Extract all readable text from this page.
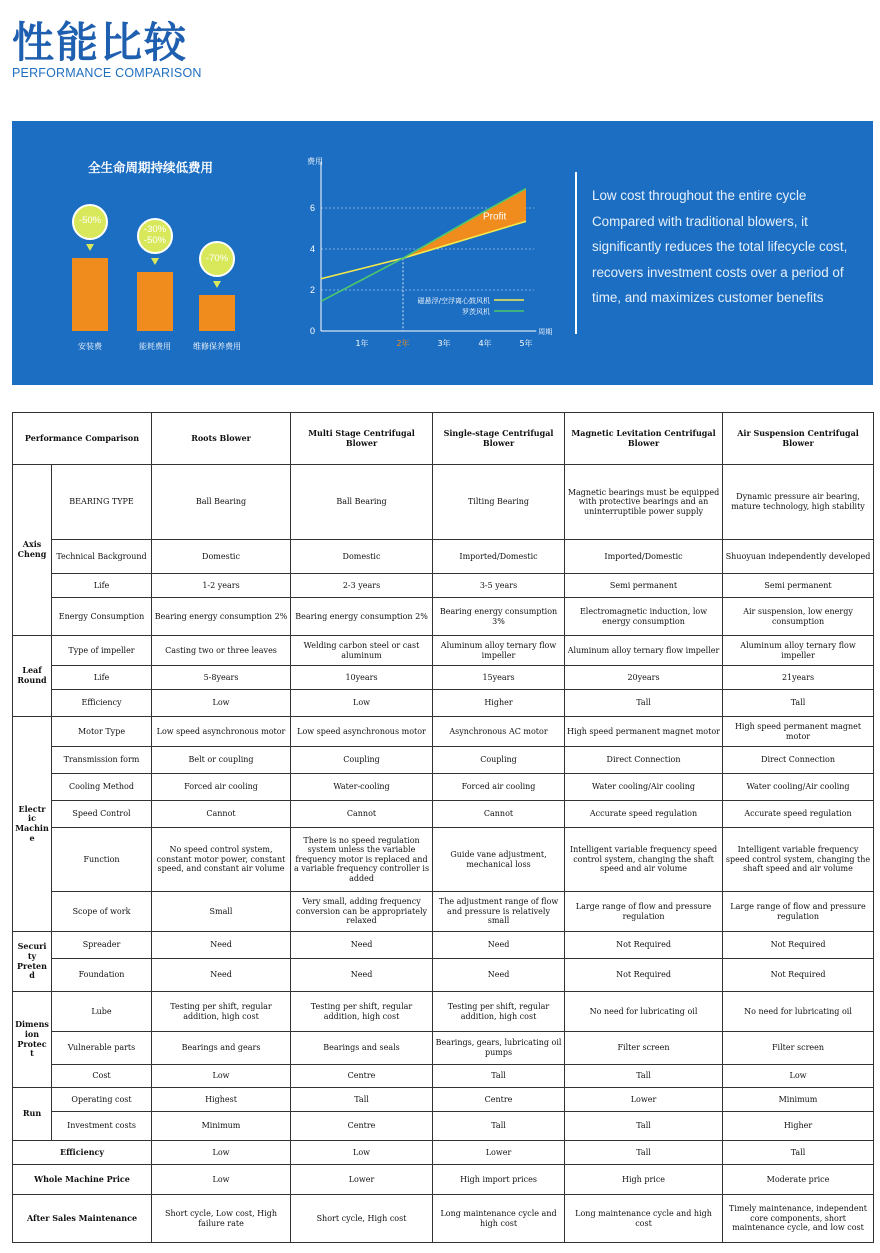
性能比较
PERFORMANCE COMPARISON
全生命周期持续低费用
-50%
安装费
-30%
-50%
能耗费用
-70%
维修保养费用
0
2
4
6
费用
周期
1年	2年	3年	4年	5年
Profit
磁悬浮/空浮离心鼓风机
罗茨风机
Low cost throughout the entire cycle Compared with traditional blowers, it significantly reduces the total lifecycle cost, recovers investment costs over a period of time, and maximizes customer benefits
Performance Comparison		Roots Blower	Multi Stage Centrifugal Blower	Single-stage Centrifugal Blower	Magnetic Levitation Centrifugal Blower	Air Suspension Centrifugal Blower
Axis
Cheng	BEARING TYPE	Ball Bearing	Ball Bearing	Tilting Bearing	Magnetic bearings must be equipped with protective bearings and an uninterruptible power supply	Dynamic pressure air bearing, mature technology, high stability
	Technical Background	Domestic	Domestic	Imported/Domestic	Imported/Domestic	Shuoyuan independently developed
	Life	1-2 years	2-3 years	3-5 years	Semi permanent	Semi permanent
	Energy Consumption	Bearing energy consumption 2%	Bearing energy consumption 2%	Bearing energy consumption 3%	Electromagnetic induction, low energy consumption	Air suspension, low energy consumption
Leaf
Round	Type of impeller	Casting two or three leaves	Welding carbon steel or cast aluminum	Aluminum alloy ternary flow impeller	Aluminum alloy ternary flow impeller	Aluminum alloy ternary flow impeller
	Life	5-8years	10years	15years	20years	21years
	Efficiency	Low	Low	Higher	Tall	Tall
Electr
ic
Machin
e	Motor Type	Low speed asynchronous motor	Low speed asynchronous motor	Asynchronous AC motor	High speed permanent magnet motor	High speed permanent magnet motor
	Transmission form	Belt or coupling	Coupling	Coupling	Direct Connection	Direct Connection
	Cooling Method	Forced air cooling	Water-cooling	Forced air cooling	Water cooling/Air cooling	Water cooling/Air cooling
	Speed Control	Cannot	Cannot	Cannot	Accurate speed regulation	Accurate speed regulation
	Function	No speed control system, constant motor power, constant speed, and constant air volume	There is no speed regulation system unless the variable frequency motor is replaced and a variable frequency controller is added	Guide vane adjustment, mechanical loss	Intelligent variable frequency speed control system, changing the shaft speed and air volume	Intelligent variable frequency speed control system, changing the shaft speed and air volume
	Scope of work	Small	Very small, adding frequency conversion can be appropriately relaxed	The adjustment range of flow and pressure is relatively small	Large range of flow and pressure regulation	Large range of flow and pressure regulation
Securi
ty
Preten
d	Spreader	Need	Need	Need	Not Required	Not Required
	Foundation	Need	Need	Need	Not Required	Not Required
Dimens
ion
Protec
t	Lube	Testing per shift, regular addition, high cost	Testing per shift, regular addition, high cost	Testing per shift, regular addition, high cost	No need for lubricating oil	No need for lubricating oil
	Vulnerable parts	Bearings and gears	Bearings and seals	Bearings, gears, lubricating oil pumps	Filter screen	Filter screen
	Cost	Low	Centre	Tall	Tall	Low
Run	Operating cost	Highest	Tall	Centre	Lower	Minimum
	Investment costs	Minimum	Centre	Tall	Tall	Higher
Efficiency		Low	Low	Lower	Tall	Tall
Whole Machine Price		Low	Lower	High import prices	High price	Moderate price
After Sales Maintenance		Short cycle, Low cost, High failure rate	Short cycle, High cost	Long maintenance cycle and high cost	Long maintenance cycle and high cost	Timely maintenance, independent core components, short maintenance cycle, and low cost
